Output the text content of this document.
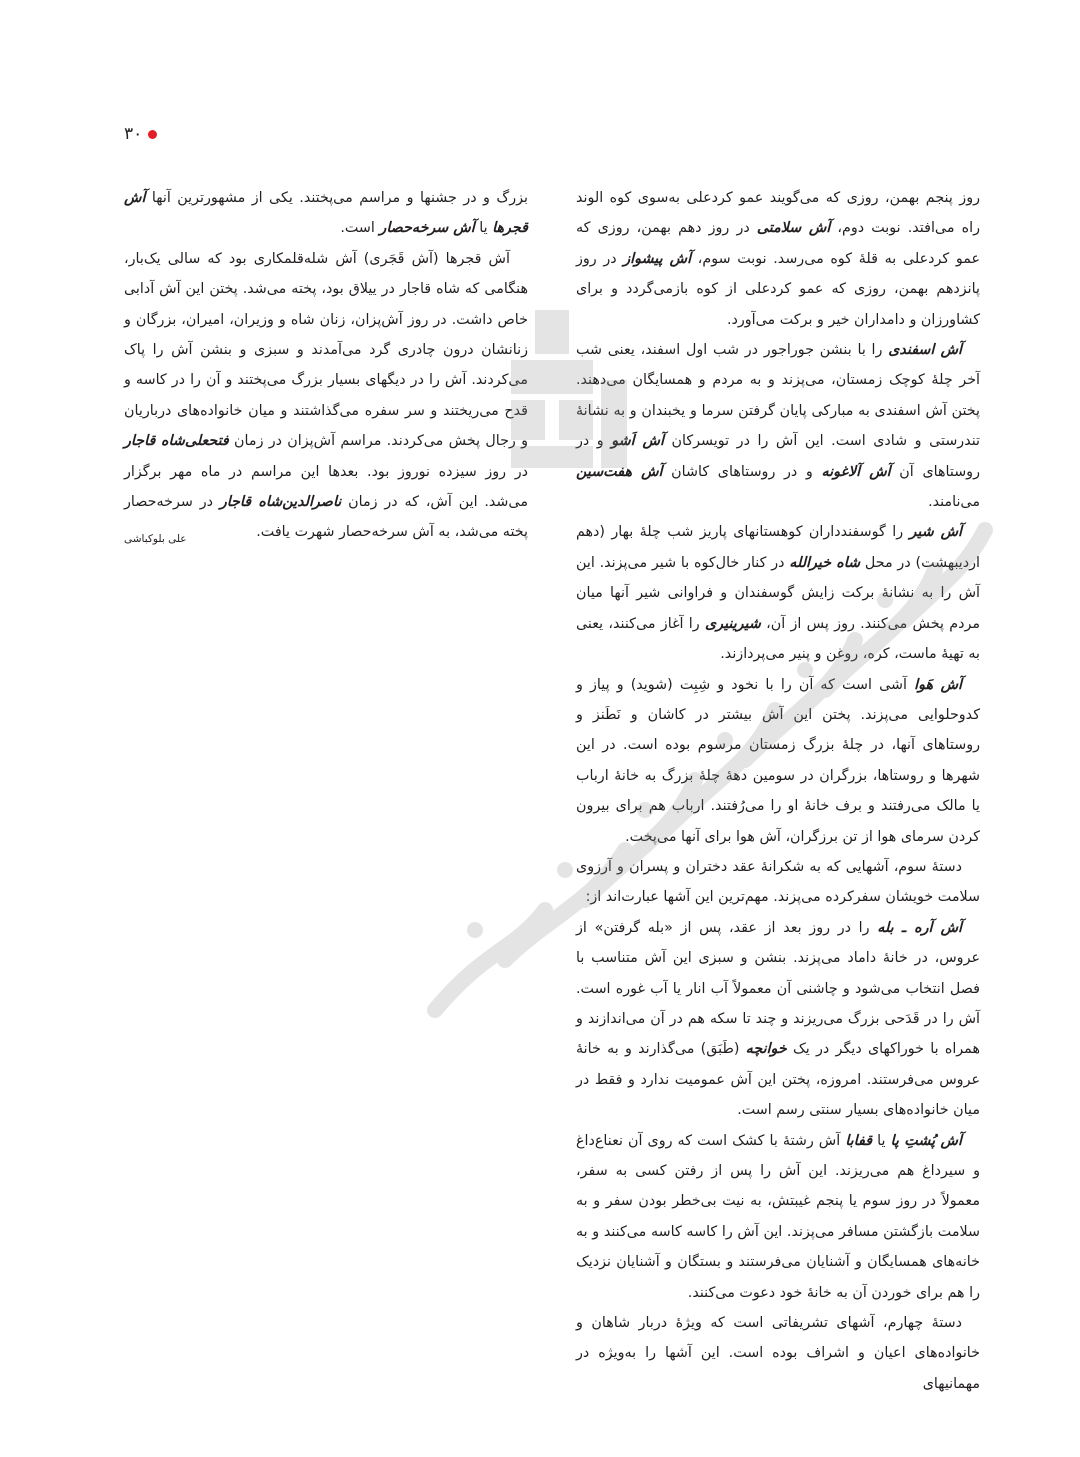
۳۰

روز پنجم بهمن، روزی که می‌گویند عمو کردعلی به‌سوی کوه الوند راه می‌افتد. نوبت دوم، آش سلامتی در روز دهم بهمن، روزی که عمو کردعلی به قلهٔ کوه می‌رسد. نوبت سوم، آش پیشواز در روز پانزدهم بهمن، روزی که عمو کردعلی از کوه بازمی‌گردد و برای کشاورزان و دامداران خیر و برکت می‌آورد.

آش اسفندی را با بنشن جوراجور در شب اول اسفند، یعنی شب آخر چلهٔ کوچک زمستان، می‌پزند و به مردم و همسایگان می‌دهند. پختن آش اسفندی به مبارکی پایان گرفتن سرما و یخبندان و به نشانهٔ تندرستی و شادی است. این آش را در تویسرکان آش اَشو و در روستاهای آن آش آلاغونه و در روستاهای کاشان آش هفت‌سین می‌نامند.

آش شیر را گوسفندداران کوهستانهای پاریز شب چلهٔ بهار (دهم اردیبهشت) در محل شاه خیرالله در کنار خال‌کوه با شیر می‌پزند. این آش را به نشانهٔ برکت زایش گوسفندان و فراوانی شیر آنها میان مردم پخش می‌کنند. روز پس از آن، شیرینیری را آغاز می‌کنند، یعنی به تهیهٔ ماست، کره، روغن و پنیر می‌پردازند.

آش هَوا آشی است که آن را با نخود و شِبِت (شوید) و پیاز و کدوحلوایی می‌پزند. پختن این آش بیشتر در کاشان و نَطَنز و روستاهای آنها، در چلهٔ بزرگ زمستان مرسوم بوده است. در این شهرها و روستاها، بزرگران در سومین دههٔ چلهٔ بزرگ به خانهٔ ارباب یا مالک می‌رفتند و برف خانهٔ او را می‌رُفتند. ارباب هم برای بیرون کردن سرمای هوا از تن برزگران، آش هوا برای آنها می‌پخت.

دستهٔ سوم، آشهایی که به شکرانهٔ عقد دختران و پسران و آرزوی سلامت خویشان سفرکرده می‌پزند. مهم‌ترین این آشها عبارت‌اند از:

آش آره ـ بله را در روز بعد از عقد، پس از «بله گرفتن» از عروس، در خانهٔ داماد می‌پزند. بنشن و سبزی این آش متناسب با فصل انتخاب می‌شود و چاشنی آن معمولاً آب انار یا آب غوره است. آش را در قَدَحی بزرگ می‌ریزند و چند تا سکه هم در آن می‌اندازند و همراه با خوراکهای دیگر در یک خوانچه (طَبَق) می‌گذارند و به خانهٔ عروس می‌فرستند. امروزه، پختن این آش عمومیت ندارد و فقط در میان خانواده‌های بسیار سنتی رسم است.

آش پُشتِ پا یا قفابا آش رشتهٔ با کشک است که روی آن نعناع‌داغ و سیرداغ هم می‌ریزند. این آش را پس از رفتن کسی به سفر، معمولاً در روز سوم یا پنجم غیبتش، به نیت بی‌خطر بودن سفر و به سلامت بازگشتن مسافر می‌پزند. این آش را کاسه کاسه می‌کنند و به خانه‌های همسایگان و آشنایان می‌فرستند و بستگان و آشنایان نزدیک را هم برای خوردن آن به خانهٔ خود دعوت می‌کنند.

دستهٔ چهارم، آشهای تشریفاتی است که ویژهٔ دربار شاهان و خانواده‌های اعیان و اشراف بوده است. این آشها را به‌ویژه در مهمانیهای

بزرگ و در جشنها و مراسم می‌پختند. یکی از مشهورترین آنها آش قجرها یا آش سرخه‌حصار است.

آش قجرها (آش قَجَری) آش شله‌قلمکاری بود که سالی یک‌بار، هنگامی که شاه قاجار در ییلاق بود، پخته می‌شد. پختن این آش آدابی خاص داشت. در روز آش‌پزان، زنان شاه و وزیران، امیران، بزرگان و زنانشان درون چادری گرد می‌آمدند و سبزی و بنشن آش را پاک می‌کردند. آش را در دیگهای بسیار بزرگ می‌پختند و آن را در کاسه و قدح می‌ریختند و سر سفره می‌گذاشتند و میان خانواده‌های درباریان و رجال پخش می‌کردند. مراسم آش‌پزان در زمان فتحعلی‌شاه قاجار در روز سیزده نوروز بود. بعدها این مراسم در ماه مهر برگزار می‌شد. این آش، که در زمان ناصرالدین‌شاه قاجار در سرخه‌حصار پخته می‌شد، به آش سرخه‌حصار شهرت یافت.

علی بلوکباشی
